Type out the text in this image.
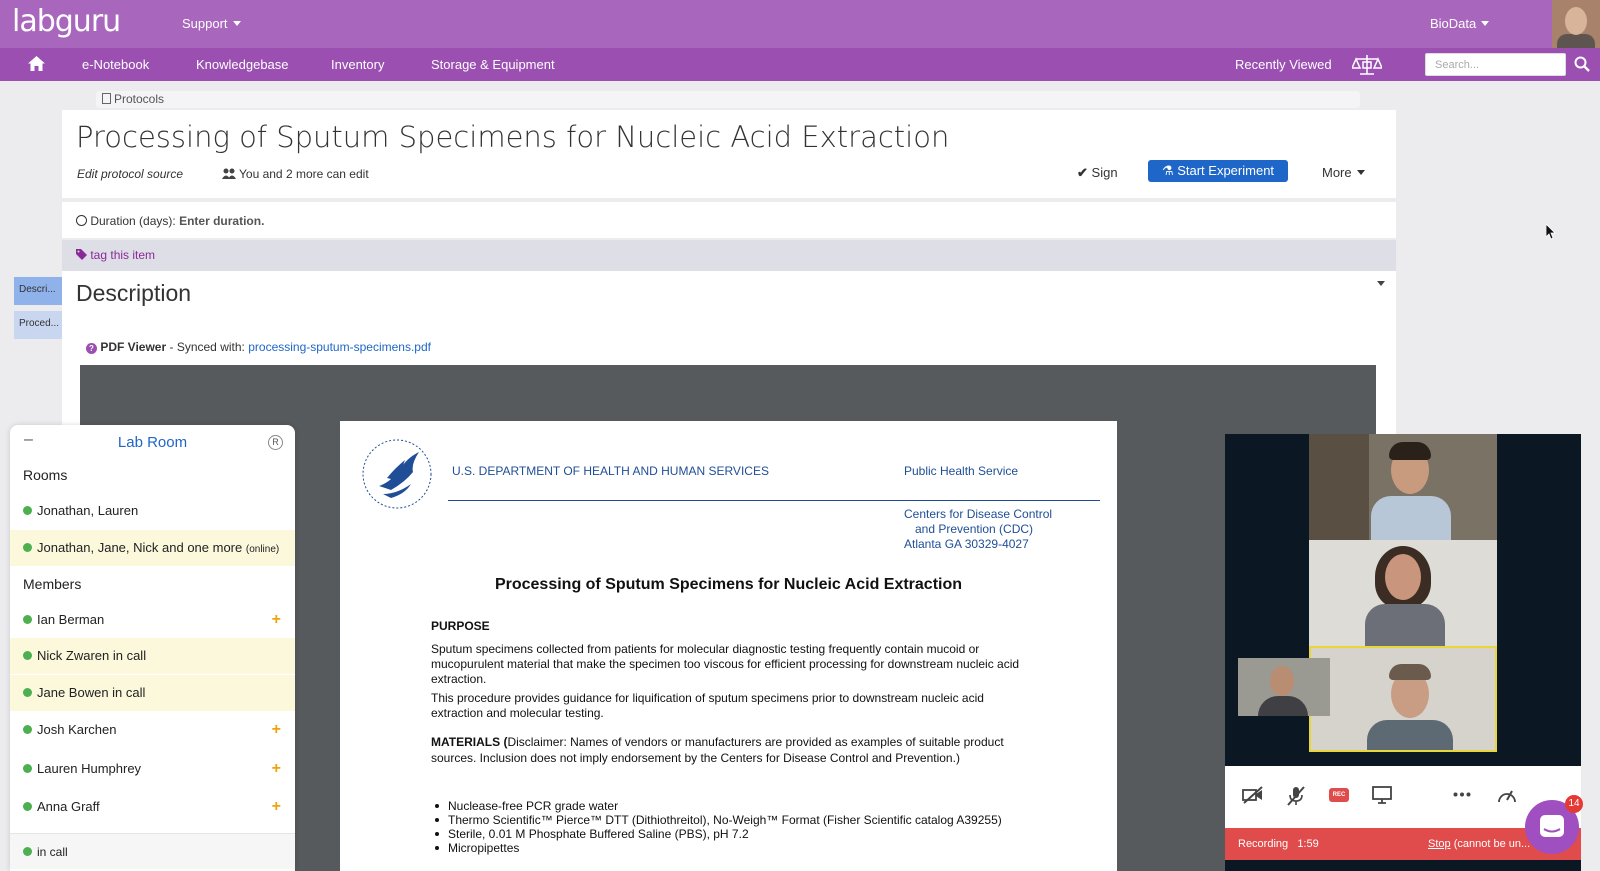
labguru	Support	BioData
e-Notebook	Knowledgebase	Inventory	Storage & Equipment	Recently Viewed
Search...
Protocols
Processing of Sputum Specimens for Nucleic Acid Extraction
Edit protocol source	You and 2 more can edit	✔ Sign	⚗ Start Experiment	More
Duration (days): Enter duration.
tag this item
Descri...
Proced...
Description
? PDF Viewer - Synced with: processing-sputum-specimens.pdf
U.S. DEPARTMENT OF HEALTH AND HUMAN SERVICES	Public Health Service
Centers for Disease Control
and Prevention (CDC)
Atlanta GA 30329-4027
Processing of Sputum Specimens for Nucleic Acid Extraction
PURPOSE
Sputum specimens collected from patients for molecular diagnostic testing frequently contain mucoid or mucopurulent material that make the specimen too viscous for efficient processing for downstream nucleic acid extraction.
This procedure provides guidance for liquification of sputum specimens prior to downstream nucleic acid extraction and molecular testing.
MATERIALS (Disclaimer: Names of vendors or manufacturers are provided as examples of suitable product sources. Inclusion does not imply endorsement by the Centers for Disease Control and Prevention.)
Nuclease-free PCR grade water
Thermo Scientific™ Pierce™ DTT (Dithiothreitol), No-Weigh™ Format (Fisher Scientific catalog A39255)
Sterile, 0.01 M Phosphate Buffered Saline (PBS), pH 7.2
Micropipettes
–	Lab Room	R
Rooms
Jonathan, Lauren
Jonathan, Jane, Nick and one more (online)
Members
Ian Berman	+
Nick Zwaren in call
Jane Bowen in call
Josh Karchen	+
Lauren Humphrey	+
Anna Graff	+
in call
REC
Recording 1:59	Stop (cannot be un...
14
